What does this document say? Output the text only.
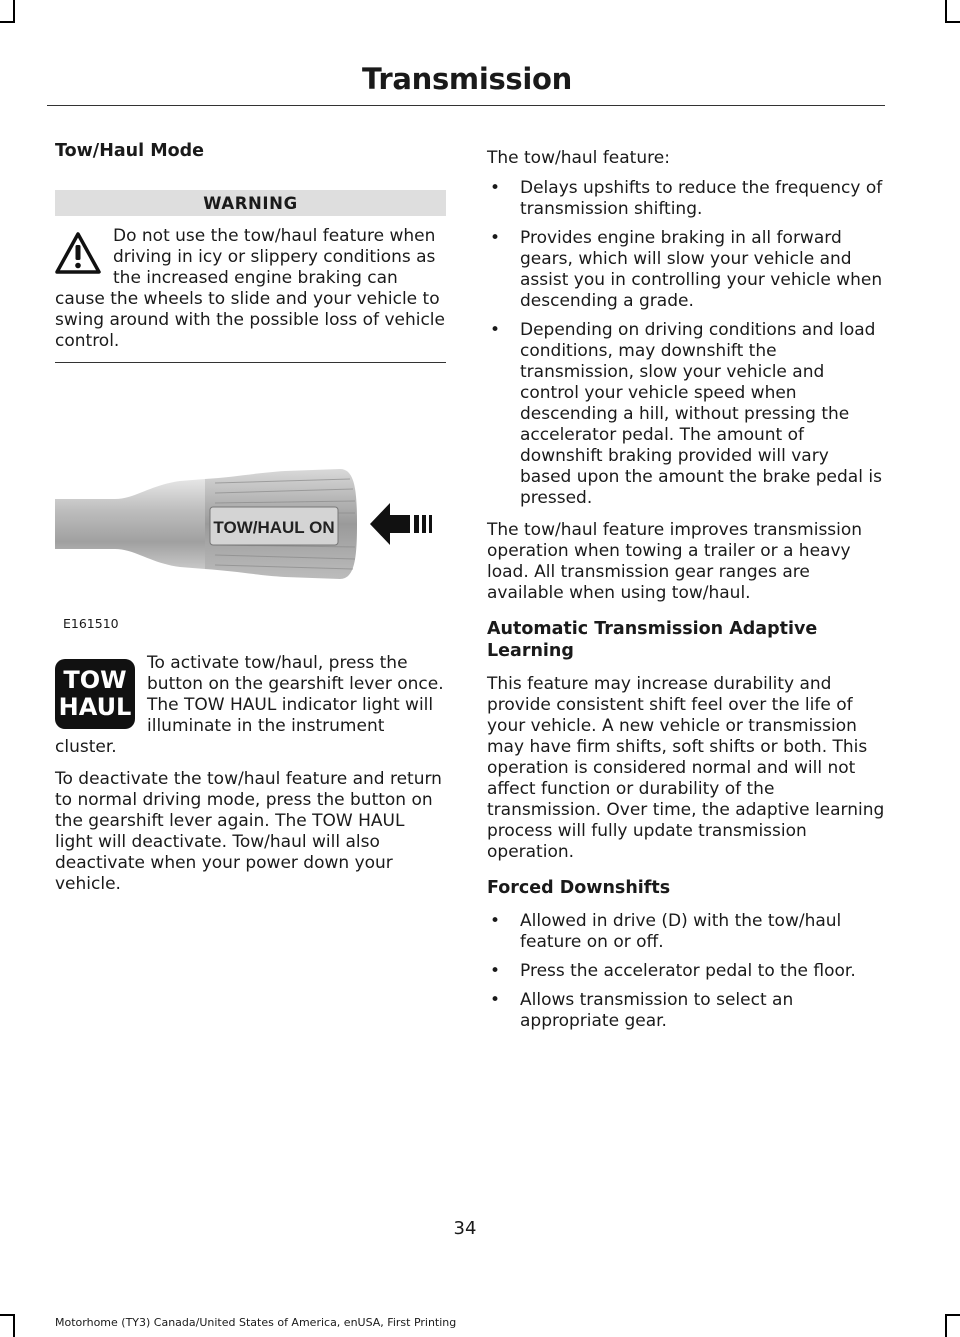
Transmission
Tow/Haul Mode
WARNING
Do not use the tow/haul feature when driving in icy or slippery conditions as the increased engine braking can cause the wheels to slide and your vehicle to swing around with the possible loss of vehicle control.
TOW/HAUL ON
E161510
TOW
HAUL

To activate tow/haul, press the button on the gearshift lever once. The TOW HAUL indicator light will illuminate in the instrument cluster.

To deactivate the tow/haul feature and return to normal driving mode, press the button on the gearshift lever again. The TOW HAUL light will deactivate. Tow/haul will also deactivate when your power down your vehicle.

The tow/haul feature:

• Delays upshifts to reduce the frequency of transmission shifting.
• Provides engine braking in all forward gears, which will slow your vehicle and assist you in controlling your vehicle when descending a grade.
• Depending on driving conditions and load conditions, may downshift the transmission, slow your vehicle and control your vehicle speed when descending a hill, without pressing the accelerator pedal. The amount of downshift braking provided will vary based upon the amount the brake pedal is pressed.

The tow/haul feature improves transmission operation when towing a trailer or a heavy load. All transmission gear ranges are available when using tow/haul.

Automatic Transmission Adaptive Learning

This feature may increase durability and provide consistent shift feel over the life of your vehicle. A new vehicle or transmission may have firm shifts, soft shifts or both. This operation is considered normal and will not affect function or durability of the transmission. Over time, the adaptive learning process will fully update transmission operation.

Forced Downshifts
• Allowed in drive (D) with the tow/haul feature on or off.
• Press the accelerator pedal to the floor.
• Allows transmission to select an appropriate gear.
34
Motorhome (TY3) Canada/United States of America, enUSA, First Printing
